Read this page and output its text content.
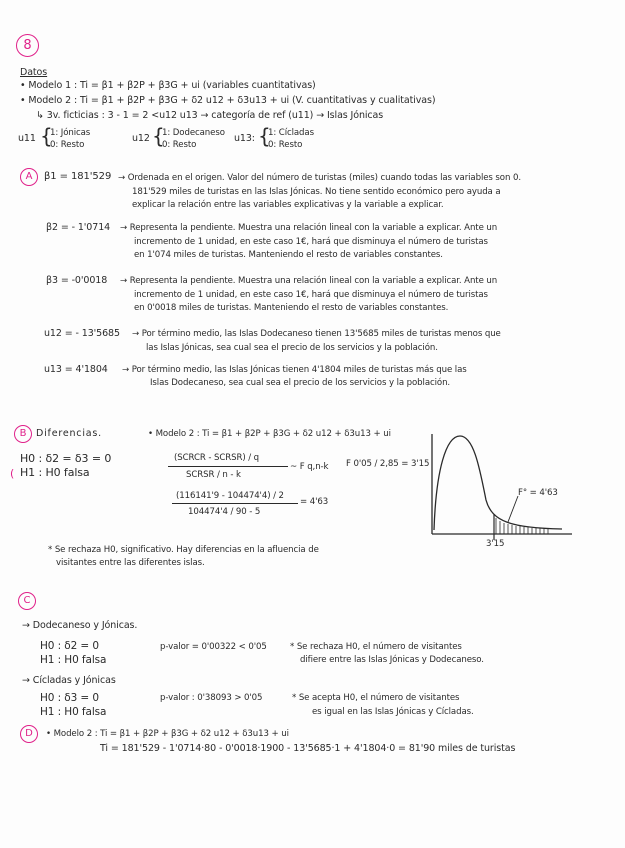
8
Datos
• Modelo 1 : Ti = β1 + β2P + β3G + ui (variables cuantitativas)
• Modelo 2 : Ti = β1 + β2P + β3G + δ2 u12 + δ3u13 + ui (V. cuantitativas y cualitativas)
↳ 3v. ficticias : 3 - 1 = 2 <u12 u13 → categoría de ref (u11) → Islas Jónicas
u11 {
1: Jónicas
0: Resto
u12 {
1: Dodecaneso
0: Resto
u13: {
1: Cícladas
0: Resto
A	β1 = 181'529 → Ordenada en el origen. Valor del número de turistas (miles) cuando todas las variables son 0.
181'529 miles de turistas en las Islas Jónicas. No tiene sentido económico pero ayuda a
explicar la relación entre las variables explicativas y la variable a explicar.
β2 = - 1'0714 → Representa la pendiente. Muestra una relación lineal con la variable a explicar. Ante un
incremento de 1 unidad, en este caso 1€, hará que disminuya el número de turistas
en 1'074 miles de turistas. Manteniendo el resto de variables constantes.
β3 = -0'0018 → Representa la pendiente. Muestra una relación lineal con la variable a explicar. Ante un
incremento de 1 unidad, en este caso 1€, hará que disminuya el número de turistas
en 0'0018 miles de turistas. Manteniendo el resto de variables constantes.
u12 = - 13'5685 → Por término medio, las Islas Dodecaneso tienen 13'5685 miles de turistas menos que
las Islas Jónicas, sea cual sea el precio de los servicios y la población.
u13 = 4'1804 → Por término medio, las Islas Jónicas tienen 4'1804 miles de turistas más que las
Islas Dodecaneso, sea cual sea el precio de los servicios y la población.
B	Diferencias.	• Modelo 2 : Ti = β1 + β2P + β3G + δ2 u12 + δ3u13 + ui
H0 : δ2 = δ3 = 0
H1 : H0 falsa
(
(SCRCR - SCRSR) / q
SCRSR / n - k
~ F q,n-k F 0'05 / 2,85 = 3'15
(116141'9 - 104474'4) / 2
104474'4 / 90 - 5
= 4'63
F° = 4'63
3'15
* Se rechaza H0, significativo. Hay diferencias en la afluencia de
visitantes entre las diferentes islas.
C
→ Dodecaneso y Jónicas.
H0 : δ2 = 0
H1 : H0 falsa
p-valor = 0'00322 < 0'05	* Se rechaza H0, el número de visitantes
difiere entre las Islas Jónicas y Dodecaneso.
→ Cícladas y Jónicas
H0 : δ3 = 0
H1 : H0 falsa
p-valor : 0'38093 > 0'05	* Se acepta H0, el número de visitantes
es igual en las Islas Jónicas y Cícladas.
D	• Modelo 2 : Ti = β1 + β2P + β3G + δ2 u12 + δ3u13 + ui
Ti = 181'529 - 1'0714·80 - 0'0018·1900 - 13'5685·1 + 4'1804·0 = 81'90 miles de turistas
